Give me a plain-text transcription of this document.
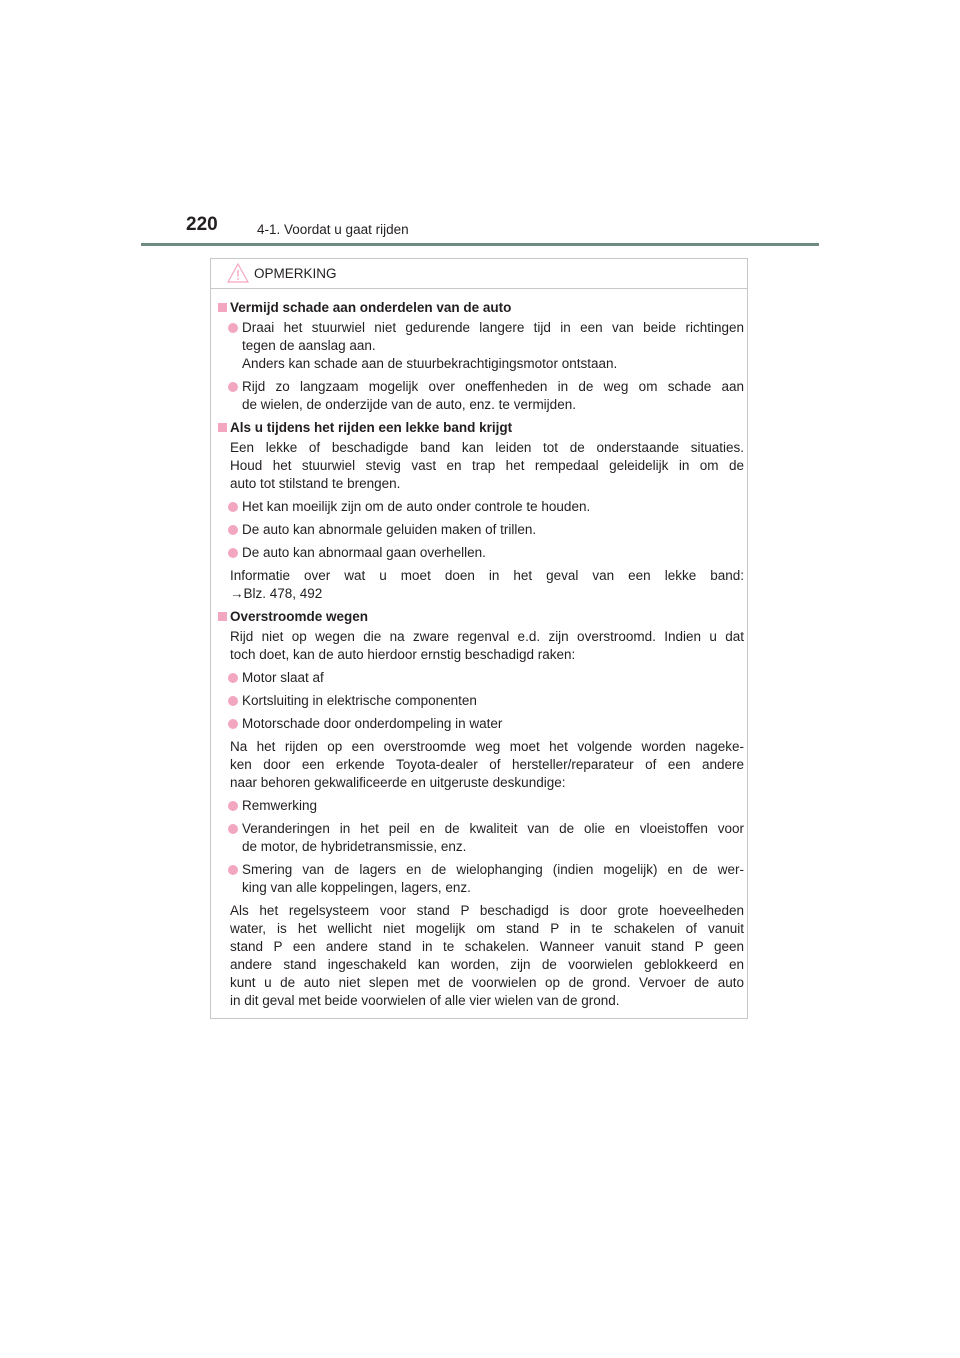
220	4-1. Voordat u gaat rijden
OPMERKING
Vermijd schade aan onderdelen van de auto
Draai het stuurwiel niet gedurende langere tijd in een van beide richtingen
tegen de aanslag aan.
Anders kan schade aan de stuurbekrachtigingsmotor ontstaan.
Rijd zo langzaam mogelijk over oneffenheden in de weg om schade aan
de wielen, de onderzijde van de auto, enz. te vermijden.
Als u tijdens het rijden een lekke band krijgt
Een lekke of beschadigde band kan leiden tot de onderstaande situaties.
Houd het stuurwiel stevig vast en trap het rempedaal geleidelijk in om de
auto tot stilstand te brengen.
Het kan moeilijk zijn om de auto onder controle te houden.
De auto kan abnormale geluiden maken of trillen.
De auto kan abnormaal gaan overhellen.
Informatie over wat u moet doen in het geval van een lekke band:
→Blz. 478, 492
Overstroomde wegen
Rijd niet op wegen die na zware regenval e.d. zijn overstroomd. Indien u dat
toch doet, kan de auto hierdoor ernstig beschadigd raken:
Motor slaat af
Kortsluiting in elektrische componenten
Motorschade door onderdompeling in water
Na het rijden op een overstroomde weg moet het volgende worden nageke-
ken door een erkende Toyota-dealer of hersteller/reparateur of een andere
naar behoren gekwalificeerde en uitgeruste deskundige:
Remwerking
Veranderingen in het peil en de kwaliteit van de olie en vloeistoffen voor
de motor, de hybridetransmissie, enz.
Smering van de lagers en de wielophanging (indien mogelijk) en de wer-
king van alle koppelingen, lagers, enz.
Als het regelsysteem voor stand P beschadigd is door grote hoeveelheden
water, is het wellicht niet mogelijk om stand P in te schakelen of vanuit
stand P een andere stand in te schakelen. Wanneer vanuit stand P geen
andere stand ingeschakeld kan worden, zijn de voorwielen geblokkeerd en
kunt u de auto niet slepen met de voorwielen op de grond. Vervoer de auto
in dit geval met beide voorwielen of alle vier wielen van de grond.
